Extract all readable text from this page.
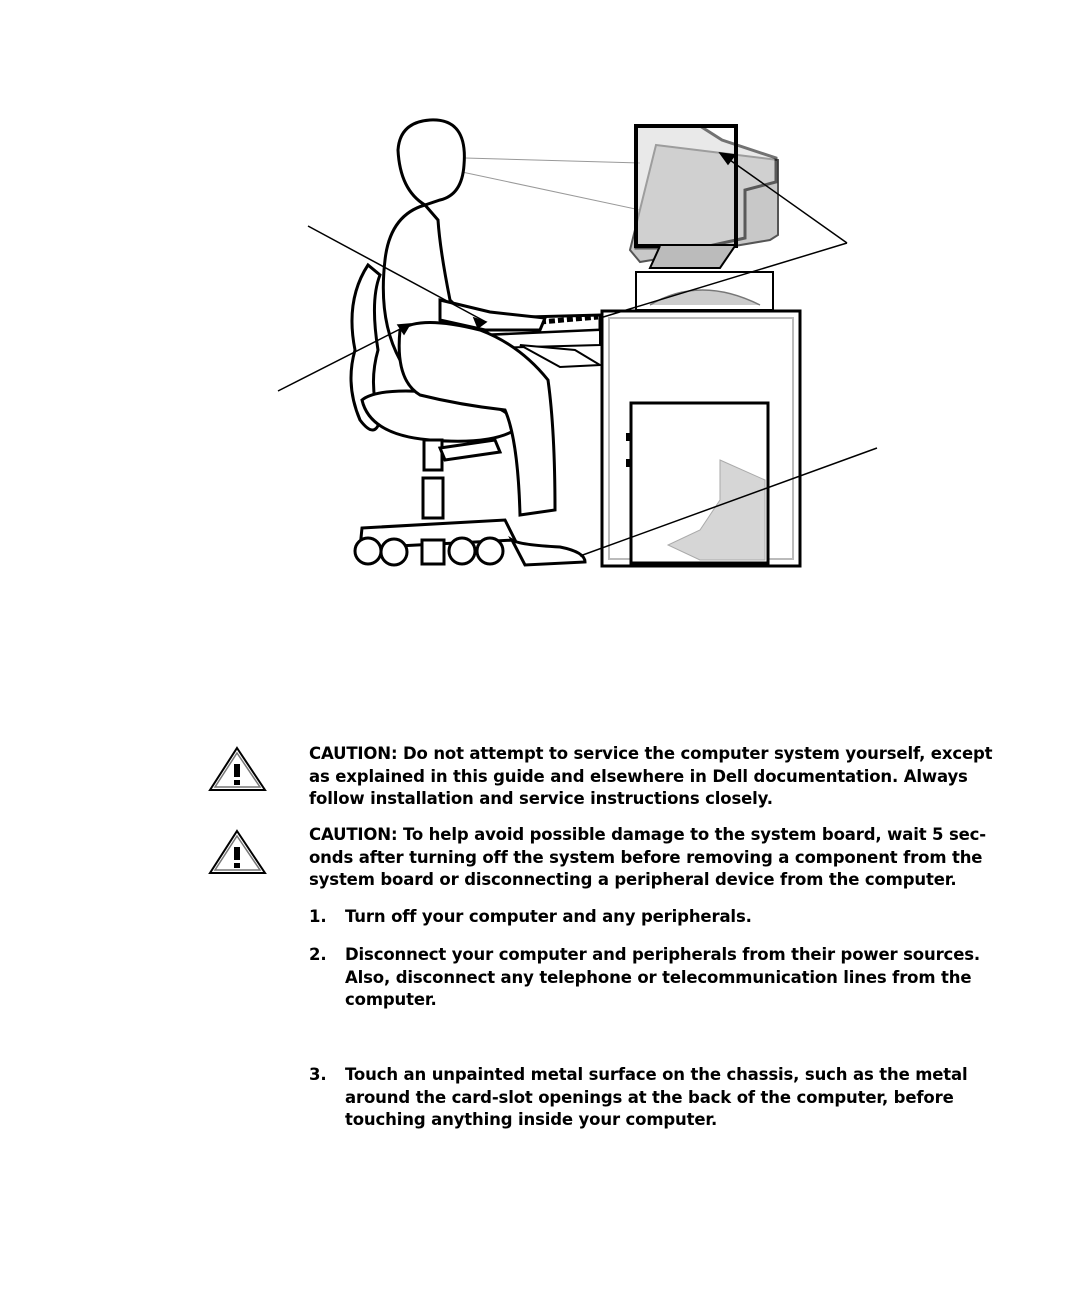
CAUTION: Do not attempt to service the computer system yourself, except as explained in this guide and elsewhere in Dell documentation. Always follow installation and service instructions closely.
CAUTION: To help avoid possible damage to the system board, wait 5 sec-onds after turning off the system before removing a component from the system board or disconnecting a peripheral device from the computer.
1.	Turn off your computer and any peripherals.
2.	Disconnect your computer and peripherals from their power sources. Also, disconnect any telephone or telecommunication lines from the computer.
3.	Touch an unpainted metal surface on the chassis, such as the metal around the card-slot openings at the back of the computer, before touching anything inside your computer.
